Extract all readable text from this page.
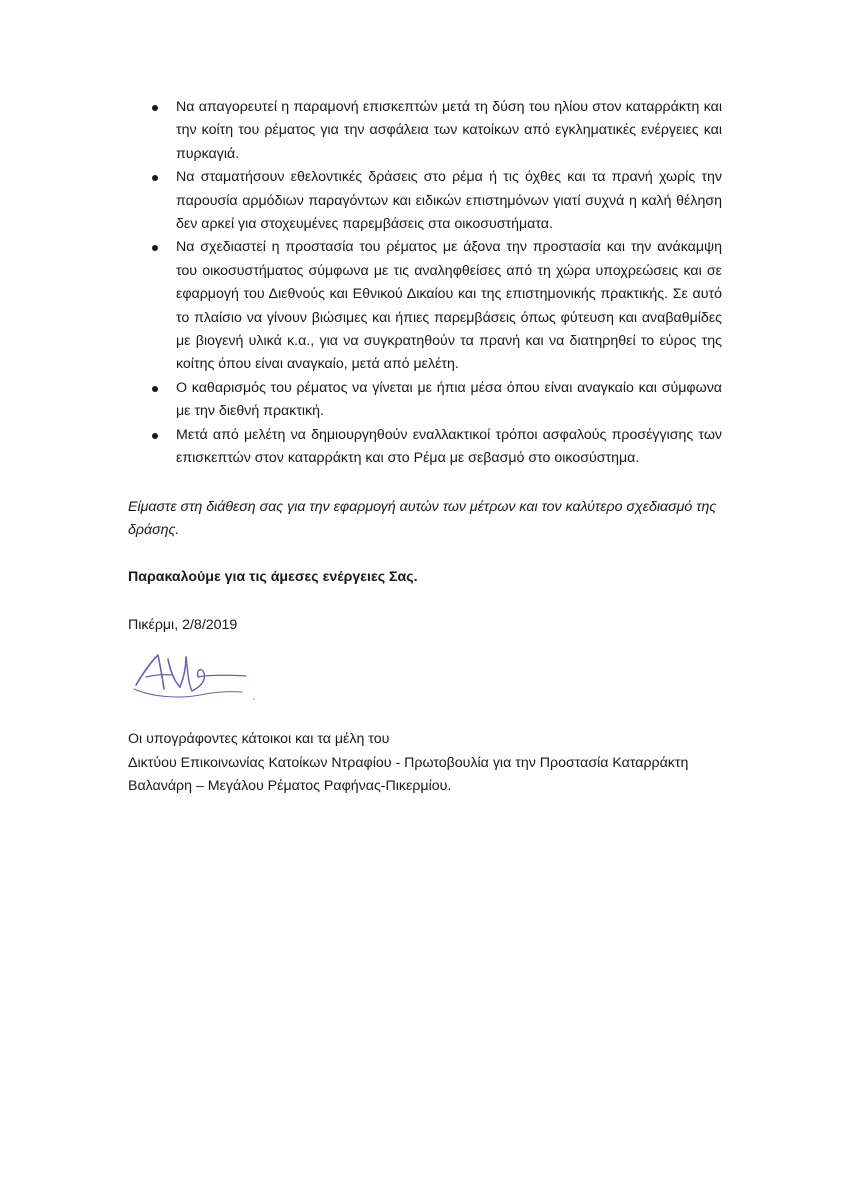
Να απαγορευτεί η παραμονή επισκεπτών μετά τη δύση του ηλίου στον καταρράκτη και την κοίτη του ρέματος για την ασφάλεια των κατοίκων από εγκληματικές ενέργειες και πυρκαγιά.
Να σταματήσουν εθελοντικές δράσεις στο ρέμα ή τις όχθες και τα πρανή χωρίς την παρουσία αρμόδιων παραγόντων και ειδικών επιστημόνων γιατί συχνά η καλή θέληση δεν αρκεί για στοχευμένες παρεμβάσεις στα οικοσυστήματα.
Να σχεδιαστεί η προστασία του ρέματος με άξονα την προστασία και την ανάκαμψη του οικοσυστήματος σύμφωνα με τις αναληφθείσες από τη χώρα υποχρεώσεις και σε εφαρμογή του Διεθνούς και Εθνικού Δικαίου και της επιστημονικής πρακτικής. Σε αυτό το πλαίσιο να γίνουν βιώσιμες και ήπιες παρεμβάσεις όπως φύτευση και αναβαθμίδες με βιογενή υλικά κ.α., για να συγκρατηθούν τα πρανή και να διατηρηθεί το εύρος της κοίτης όπου είναι αναγκαίο, μετά από μελέτη.
Ο καθαρισμός του ρέματος να γίνεται με ήπια μέσα όπου είναι αναγκαίο και σύμφωνα με την διεθνή πρακτική.
Μετά από μελέτη να δημιουργηθούν εναλλακτικοί τρόποι ασφαλούς προσέγγισης των επισκεπτών στον καταρράκτη και στο Ρέμα με σεβασμό στο οικοσύστημα.
Είμαστε στη διάθεση σας για την εφαρμογή αυτών των μέτρων και τον καλύτερο σχεδιασμό της δράσης.
Παρακαλούμε για τις άμεσες ενέργειες Σας.
Πικέρμι, 2/8/2019
Οι υπογράφοντες κάτοικοι και τα μέλη του
Δικτύου Επικοινωνίας Κατοίκων Ντραφίου - Πρωτοβουλία για την Προστασία Καταρράκτη
Βαλανάρη – Μεγάλου Ρέματος Ραφήνας-Πικερμίου.
